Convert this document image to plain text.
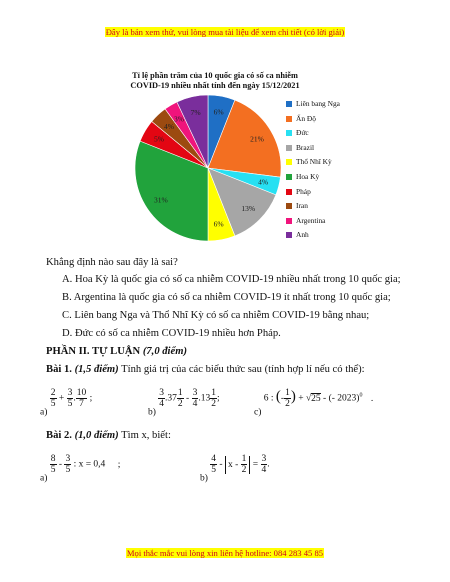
Đây là bản xem thử, vui lòng mua tài liệu để xem chi tiết (có lời giải)
Tỉ lệ phần trăm của 10 quốc gia có số ca nhiễm
COVID-19 nhiều nhất tính đến ngày 15/12/2021
6%
21%
4%
13%
6%
31%
5%
4%
3%
7%
Liên bang Nga
Ấn Độ
Đức
Brazil
Thổ Nhĩ Kỳ
Hoa Kỳ
Pháp
Iran
Argentina
Anh
Khẳng định nào sau đây là sai?
A. Hoa Kỳ là quốc gia có số ca nhiễm COVID-19 nhiều nhất trong 10 quốc gia;
B. Argentina là quốc gia có số ca nhiễm COVID-19 ít nhất trong 10 quốc gia;
C. Liên bang Nga và Thổ Nhĩ Kỳ có số ca nhiễm COVID-19 bằng nhau;
D. Đức có số ca nhiễm COVID-19 nhiều hơn Pháp.
PHẦN II. TỰ LUẬN (7,0 điểm)
Bài 1. (1,5 điểm) Tính giá trị của các biểu thức sau (tính hợp lí nếu có thể):
a)
$\frac{2}{5} + \frac{3}{5}$ . $\frac{10}{7}$ ;
b)
$\frac{3}{4} .37 \frac{1}{2} - \frac{3}{4} .13 \frac{1}{2}$ ;
c) 6 : (- $\frac{1}{2}$ ) + √25 - (- 2023)$^0$ .
Bài 2. (1,0 điểm) Tìm x, biết:
a)
$\frac{8}{5} - \frac{3}{5}$ : x = 0,4 ;
b)
$\frac{4}{5} - x - \frac{1}{2} = \frac{3}{4}$ .
Mọi thắc mắc vui lòng xin liên hệ hotline: 084 283 45 85
